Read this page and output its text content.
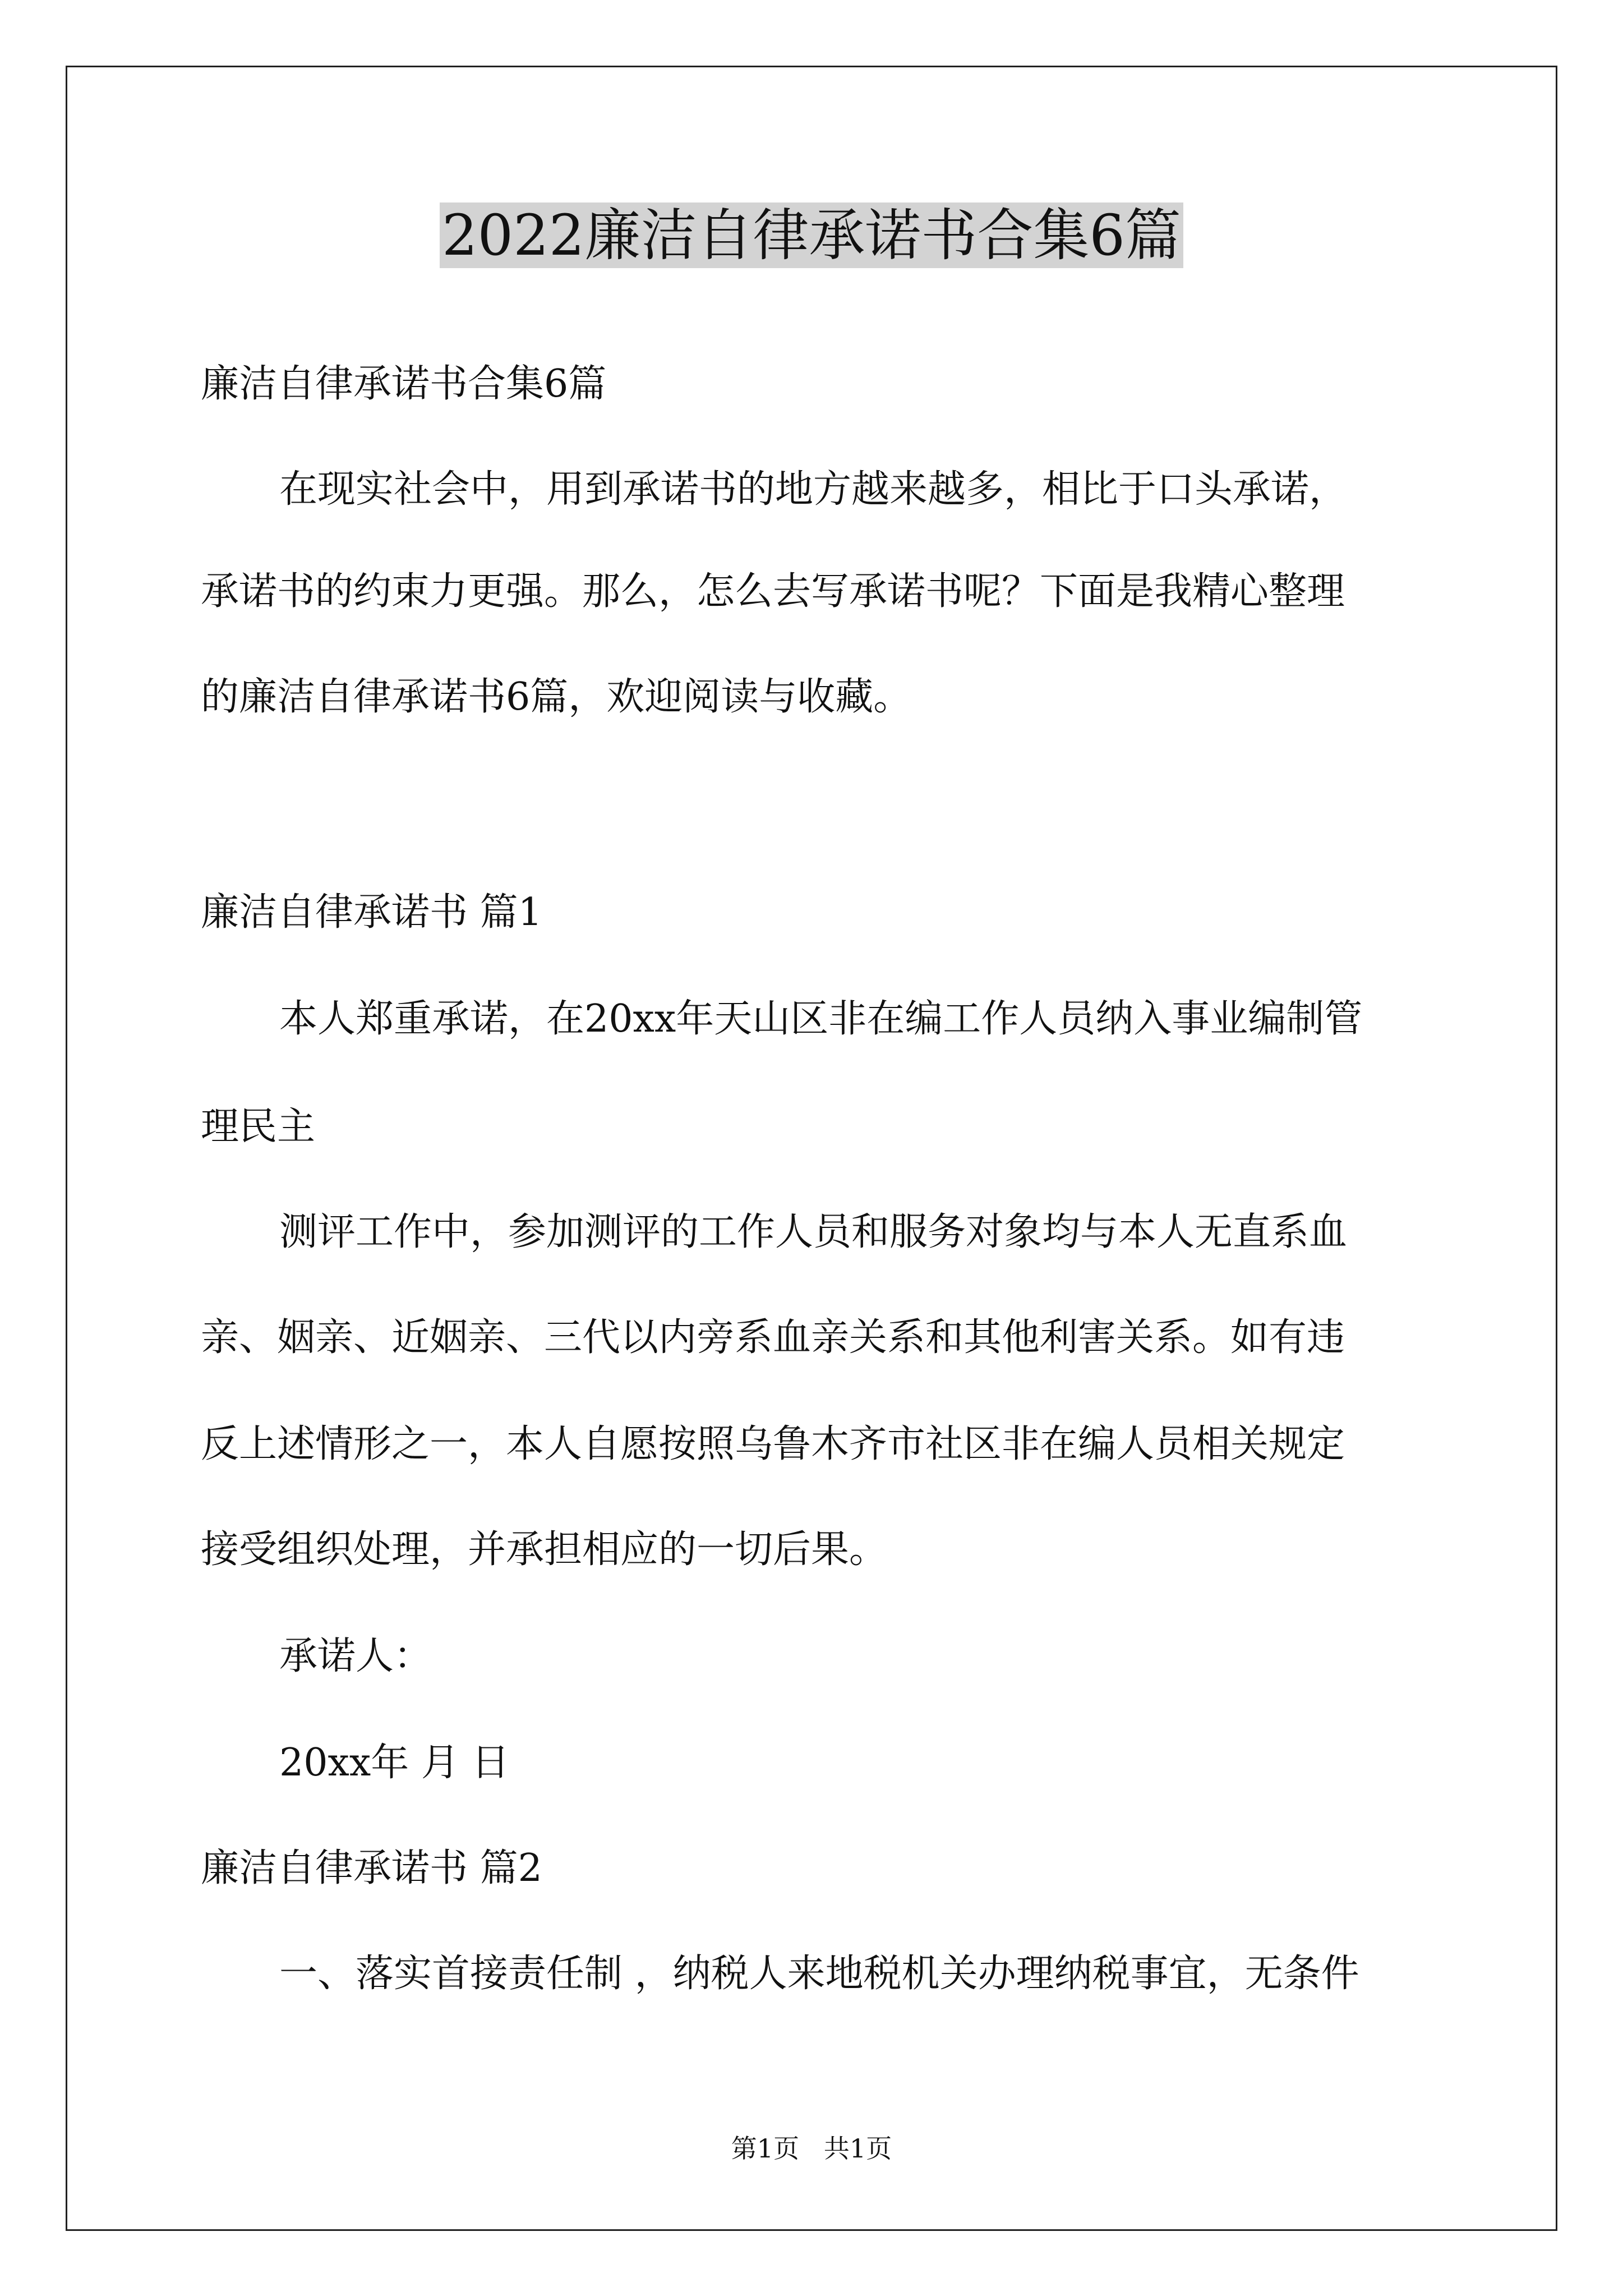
2022廉洁自律承诺书合集6篇
廉洁自律承诺书合集6篇
在现实社会中，用到承诺书的地方越来越多，相比于口头承诺，
承诺书的约束力更强。那么，怎么去写承诺书呢？下面是我精心整理
的廉洁自律承诺书6篇，欢迎阅读与收藏。
廉洁自律承诺书 篇1
本人郑重承诺，在20xx年天山区非在编工作人员纳入事业编制管
理民主
测评工作中，参加测评的工作人员和服务对象均与本人无直系血
亲、姻亲、近姻亲、三代以内旁系血亲关系和其他利害关系。如有违
反上述情形之一，本人自愿按照乌鲁木齐市社区非在编人员相关规定
接受组织处理，并承担相应的一切后果。
承诺人：
20xx年 月 日
廉洁自律承诺书 篇2
一、落实首接责任制 ，纳税人来地税机关办理纳税事宜，无条件
第1页   共1页
